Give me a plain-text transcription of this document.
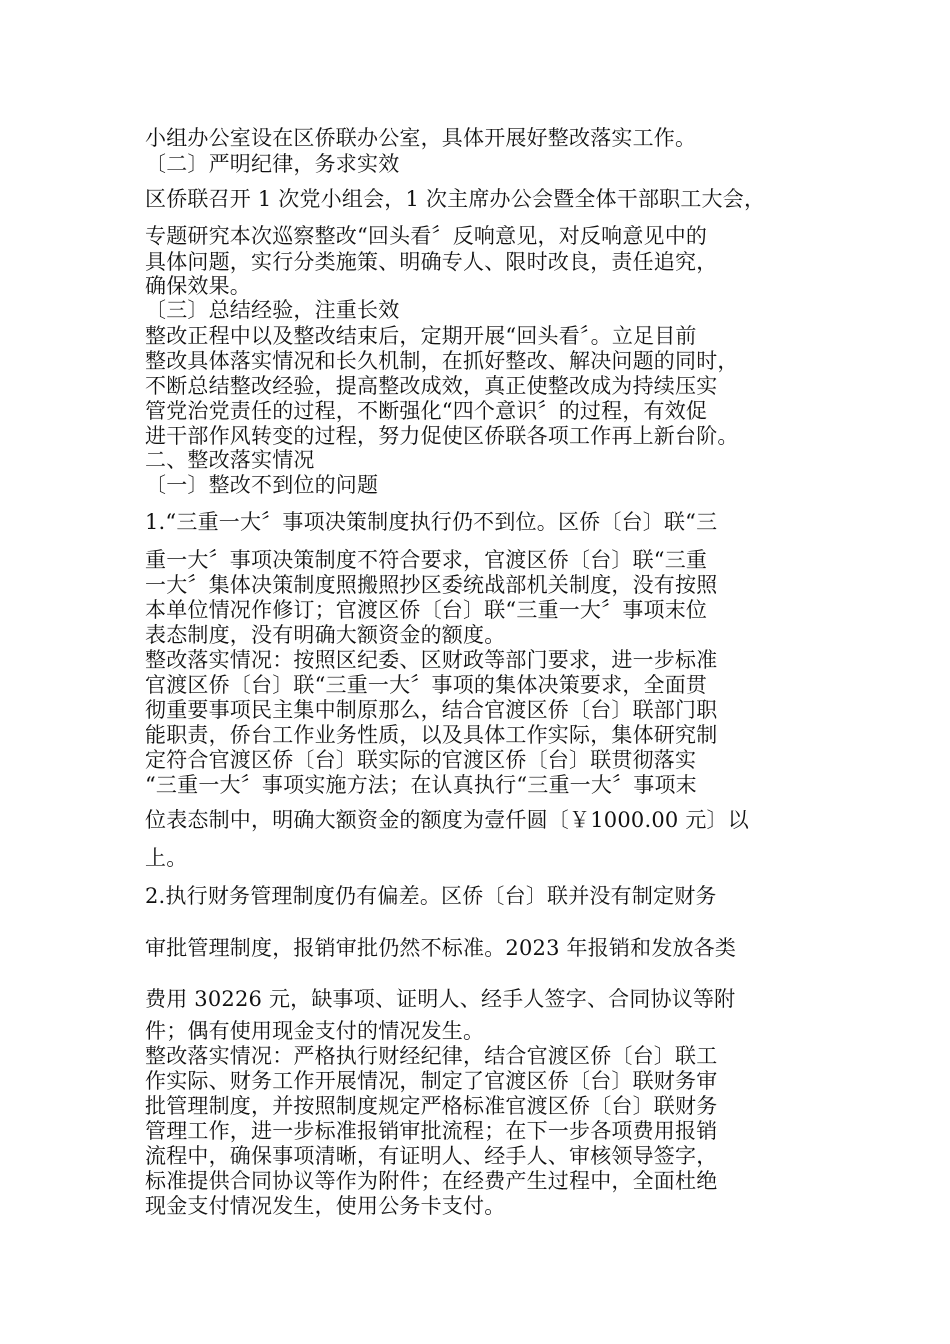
小组办公室设在区侨联办公室，具体开展好整改落实工作。
〔二〕严明纪律，务求实效
区侨联召开 1 次党小组会，1 次主席办公会暨全体干部职工大会，
专题研究本次巡察整改“回头看〞反响意见，对反响意见中的
具体问题，实行分类施策、明确专人、限时改良，责任追究，
确保效果。
〔三〕总结经验，注重长效
整改正程中以及整改结束后，定期开展“回头看〞。立足目前
整改具体落实情况和长久机制，在抓好整改、解决问题的同时，
不断总结整改经验，提高整改成效，真正使整改成为持续压实
管党治党责任的过程，不断强化“四个意识〞的过程，有效促
进干部作风转变的过程，努力促使区侨联各项工作再上新台阶。
二、整改落实情况
〔一〕整改不到位的问题
1.“三重一大〞事项决策制度执行仍不到位。区侨〔台〕联“三
重一大〞事项决策制度不符合要求，官渡区侨〔台〕联“三重
一大〞集体决策制度照搬照抄区委统战部机关制度，没有按照
本单位情况作修订；官渡区侨〔台〕联“三重一大〞事项末位
表态制度，没有明确大额资金的额度。
整改落实情况：按照区纪委、区财政等部门要求，进一步标准
官渡区侨〔台〕联“三重一大〞事项的集体决策要求，全面贯
彻重要事项民主集中制原那么，结合官渡区侨〔台〕联部门职
能职责，侨台工作业务性质，以及具体工作实际，集体研究制
定符合官渡区侨〔台〕联实际的官渡区侨〔台〕联贯彻落实
“三重一大〞事项实施方法；在认真执行“三重一大〞事项末
位表态制中，明确大额资金的额度为壹仟圆〔￥1000.00 元〕以
上。
2.执行财务管理制度仍有偏差。区侨〔台〕联并没有制定财务
审批管理制度，报销审批仍然不标准。2023 年报销和发放各类
费用 30226 元，缺事项、证明人、经手人签字、合同协议等附
件；偶有使用现金支付的情况发生。
整改落实情况：严格执行财经纪律，结合官渡区侨〔台〕联工
作实际、财务工作开展情况，制定了官渡区侨〔台〕联财务审
批管理制度，并按照制度规定严格标准官渡区侨〔台〕联财务
管理工作，进一步标准报销审批流程；在下一步各项费用报销
流程中，确保事项清晰，有证明人、经手人、审核领导签字，
标准提供合同协议等作为附件；在经费产生过程中，全面杜绝
现金支付情况发生，使用公务卡支付。
